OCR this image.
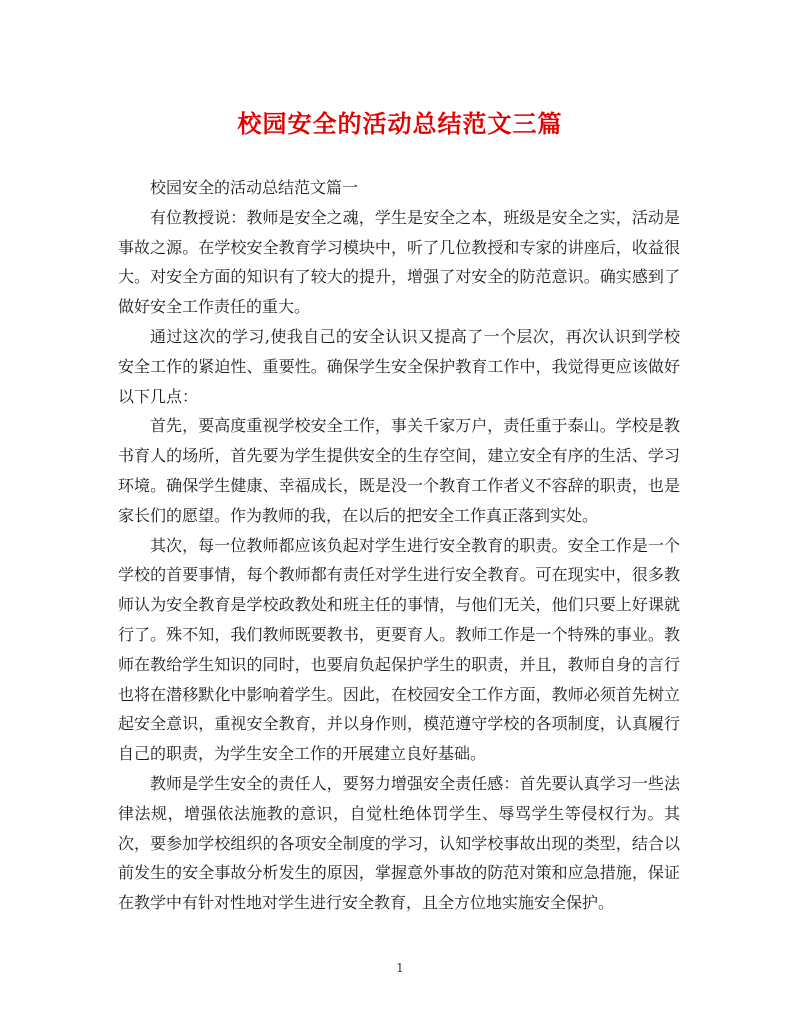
校园安全的活动总结范文三篇

校园安全的活动总结范文篇一

有位教授说：教师是安全之魂，学生是安全之本，班级是安全之实，活动是事故之源。在学校安全教育学习模块中，听了几位教授和专家的讲座后，收益很大。对安全方面的知识有了较大的提升，增强了对安全的防范意识。确实感到了做好安全工作责任的重大。

通过这次的学习,使我自己的安全认识又提高了一个层次，再次认识到学校安全工作的紧迫性、重要性。确保学生安全保护教育工作中，我觉得更应该做好以下几点：

首先，要高度重视学校安全工作，事关千家万户，责任重于泰山。学校是教书育人的场所，首先要为学生提供安全的生存空间，建立安全有序的生活、学习环境。确保学生健康、幸福成长，既是没一个教育工作者义不容辞的职责，也是家长们的愿望。作为教师的我，在以后的把安全工作真正落到实处。

其次，每一位教师都应该负起对学生进行安全教育的职责。安全工作是一个学校的首要事情，每个教师都有责任对学生进行安全教育。可在现实中，很多教师认为安全教育是学校政教处和班主任的事情，与他们无关，他们只要上好课就行了。殊不知，我们教师既要教书，更要育人。教师工作是一个特殊的事业。教师在教给学生知识的同时，也要肩负起保护学生的职责，并且，教师自身的言行也将在潜移默化中影响着学生。因此，在校园安全工作方面，教师必须首先树立起安全意识，重视安全教育，并以身作则，模范遵守学校的各项制度，认真履行自己的职责，为学生安全工作的开展建立良好基础。

教师是学生安全的责任人，要努力增强安全责任感：首先要认真学习一些法律法规，增强依法施教的意识，自觉杜绝体罚学生、辱骂学生等侵权行为。其次，要参加学校组织的各项安全制度的学习，认知学校事故出现的类型，结合以前发生的安全事故分析发生的原因，掌握意外事故的防范对策和应急措施，保证在教学中有针对性地对学生进行安全教育，且全方位地实施安全保护。

1
